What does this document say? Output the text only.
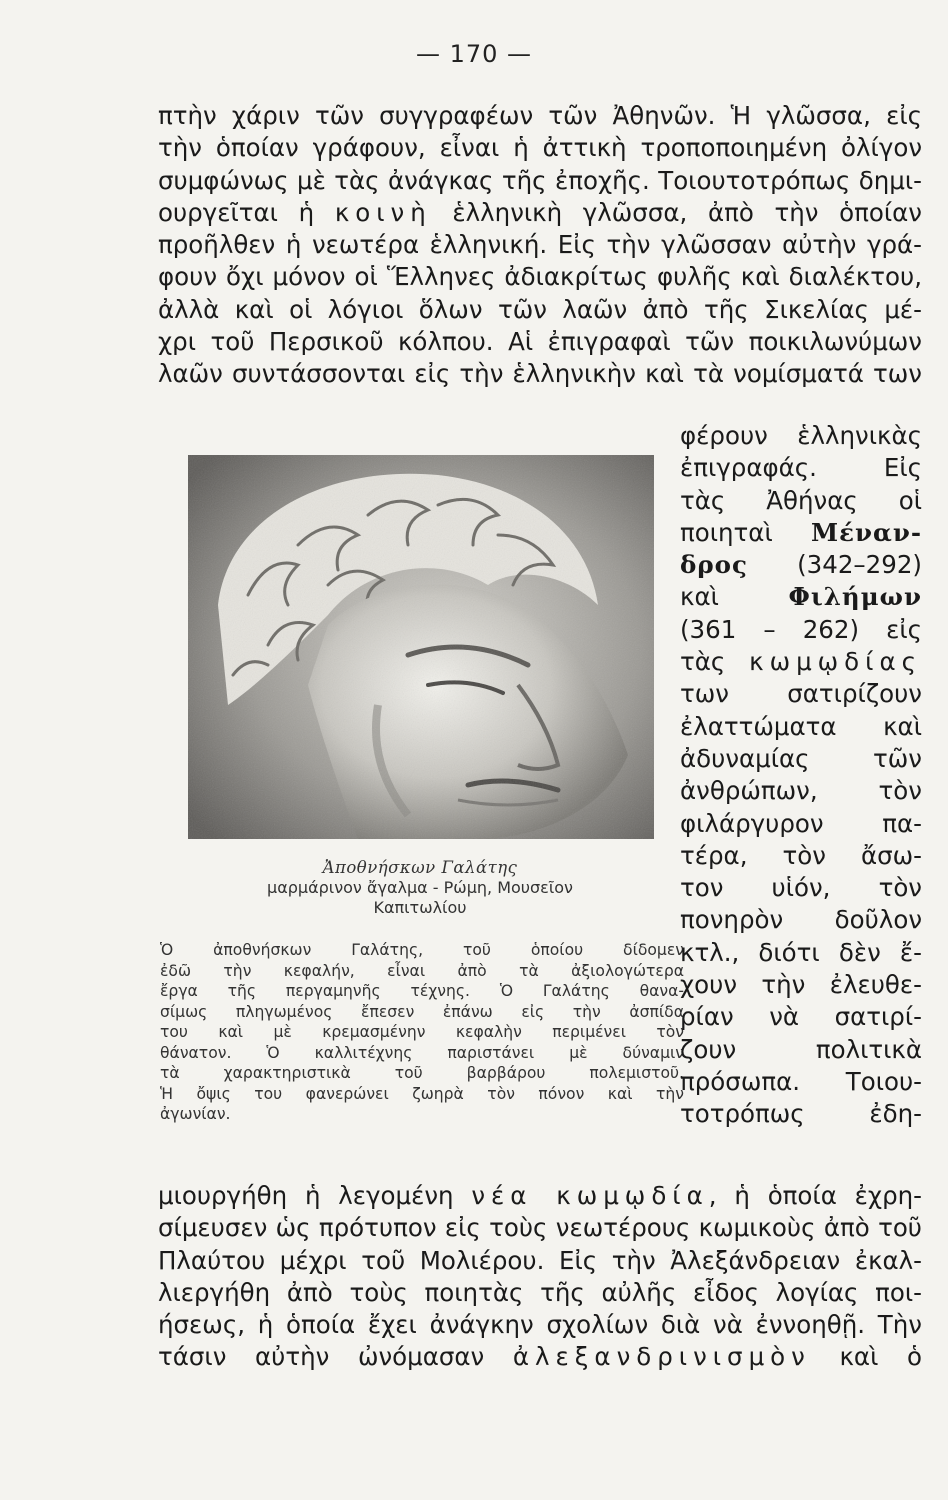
— 170 —
πτὴν χάριν τῶν συγγραφέων τῶν Ἀθηνῶν. Ἡ γλῶσσα, εἰς
τὴν ὁποίαν γράφουν, εἶναι ἡ ἀττικὴ τροποποιημένη ὀλίγον
συμφώνως μὲ τὰς ἀνάγκας τῆς ἐποχῆς. Τοιουτοτρόπως δημι-
ουργεῖται ἡ κοινὴ ἑλληνικὴ γλῶσσα, ἀπὸ τὴν ὁποίαν
προῆλθεν ἡ νεωτέρα ἑλληνική. Εἰς τὴν γλῶσσαν αὐτὴν γρά-
φουν ὄχι μόνον οἱ Ἕλληνες ἀδιακρίτως φυλῆς καὶ διαλέκτου,
ἀλλὰ καὶ οἱ λόγιοι ὅλων τῶν λαῶν ἀπὸ τῆς Σικελίας μέ-
χρι τοῦ Περσικοῦ κόλπου. Αἱ ἐπιγραφαὶ τῶν ποικιλωνύμων
λαῶν συντάσσονται εἰς τὴν ἑλληνικὴν καὶ τὰ νομίσματά των
Ἀποθνήσκων Γαλάτης
μαρμάρινον ἄγαλμα - Ρώμη, Μουσεῖον
Καπιτωλίου
Ὁ ἀποθνήσκων Γαλάτης, τοῦ ὁποίου δίδομεν
ἐδῶ τὴν κεφαλήν, εἶναι ἀπὸ τὰ ἀξιολογώτερα
ἔργα τῆς περγαμηνῆς τέχνης. Ὁ Γαλάτης θανα-
σίμως πληγωμένος ἔπεσεν ἐπάνω εἰς τὴν ἀσπίδα
του καὶ μὲ κρεμασμένην κεφαλὴν περιμένει τὸν
θάνατον. Ὁ καλλιτέχνης παριστάνει μὲ δύναμιν
τὰ χαρακτηριστικὰ τοῦ βαρβάρου πολεμιστοῦ.
Ἡ ὄψις του φανερώνει ζωηρὰ τὸν πόνον καὶ τὴν
ἀγωνίαν.
φέρουν ἑλληνικὰς
ἐπιγραφάς. Εἰς
τὰς Ἀθήνας οἱ
ποιηταὶ Μέναν-
δρος (342–292)
καὶ	Φιλήμων
(361 – 262) εἰς
τὰς κωμῳδίας
των σατιρίζουν
ἐλαττώματα καὶ
ἀδυναμίας τῶν
ἀνθρώπων, τὸν
φιλάργυρον πα-
τέρα, τὸν ἄσω-
τον υἱόν, τὸν
πονηρὸν δοῦλον
κτλ., διότι δὲν ἔ-
χουν τὴν ἐλευθε-
ρίαν νὰ σατιρί-
ζουν πολιτικὰ
πρόσωπα. Τοιου-
τοτρόπως ἐδη-
μιουργήθη ἡ λεγομένη νέα κωμῳδία, ἡ ὁποία ἐχρη-
σίμευσεν ὡς πρότυπον εἰς τοὺς νεωτέρους κωμικοὺς ἀπὸ τοῦ
Πλαύτου μέχρι τοῦ Μολιέρου. Εἰς τὴν Ἀλεξάνδρειαν ἐκαλ-
λιεργήθη ἀπὸ τοὺς ποιητὰς τῆς αὐλῆς εἶδος λογίας ποι-
ήσεως, ἡ ὁποία ἔχει ἀνάγκην σχολίων διὰ νὰ ἐννοηθῇ. Τὴν
τάσιν αὐτὴν ὠνόμασαν ἀλεξανδρινισμὸν καὶ ὁ
